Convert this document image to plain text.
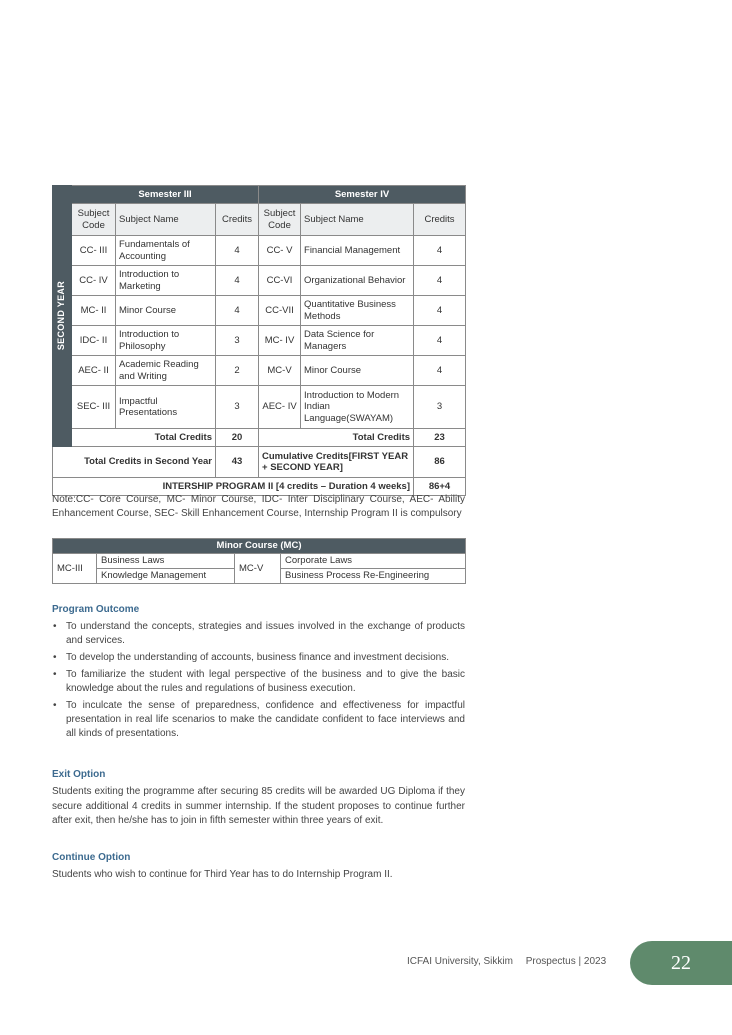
SECOND YEAR	Semester III			Semester IV		
	Subject Code	Subject Name	Credits	Subject Code	Subject Name	Credits
	CC- III	Fundamentals of Accounting	4	CC- V	Financial Management	4
	CC- IV	Introduction to Marketing	4	CC-VI	Organizational Behavior	4
	MC- II	Minor Course	4	CC-VII	Quantitative Business Methods	4
	IDC- II	Introduction to Philosophy	3	MC- IV	Data Science for Managers	4
	AEC- II	Academic Reading and Writing	2	MC-V	Minor Course	4
	SEC- III	Impactful Presentations	3	AEC- IV	Introduction to Modern Indian Language(SWAYAM)	3
	Total Credits		20	Total Credits		23
Total Credits in Second Year			43	Cumulative Credits[FIRST YEAR + SECOND YEAR]		86
INTERSHIP PROGRAM II [4 credits – Duration 4 weeks]						86+4
Note:CC- Core Course, MC- Minor Course, IDC- Inter Disciplinary Course, AEC- Ability Enhancement Course, SEC- Skill Enhancement Course, Internship Program II is compulsory
Minor Course (MC)			
MC-III	Business Laws	MC-V	Corporate Laws
	Knowledge Management		Business Process Re-Engineering
Program Outcome
• To understand the concepts, strategies and issues involved in the exchange of products and services.
• To develop the understanding of accounts, business finance and investment decisions.
• To familiarize the student with legal perspective of the business and to give the basic knowledge about the rules and regulations of business execution.
• To inculcate the sense of preparedness, confidence and effectiveness for impactful presentation in real life scenarios to make the candidate confident to face interviews and all kinds of presentations.
Exit Option
Students exiting the programme after securing 85 credits will be awarded UG Diploma if they secure additional 4 credits in summer internship. If the student proposes to continue further after exit, then he/she has to join in fifth semester within three years of exit.
Continue Option
Students who wish to continue for Third Year has to do Internship Program II.
ICFAI University, Sikkim  Prospectus | 2023	22
